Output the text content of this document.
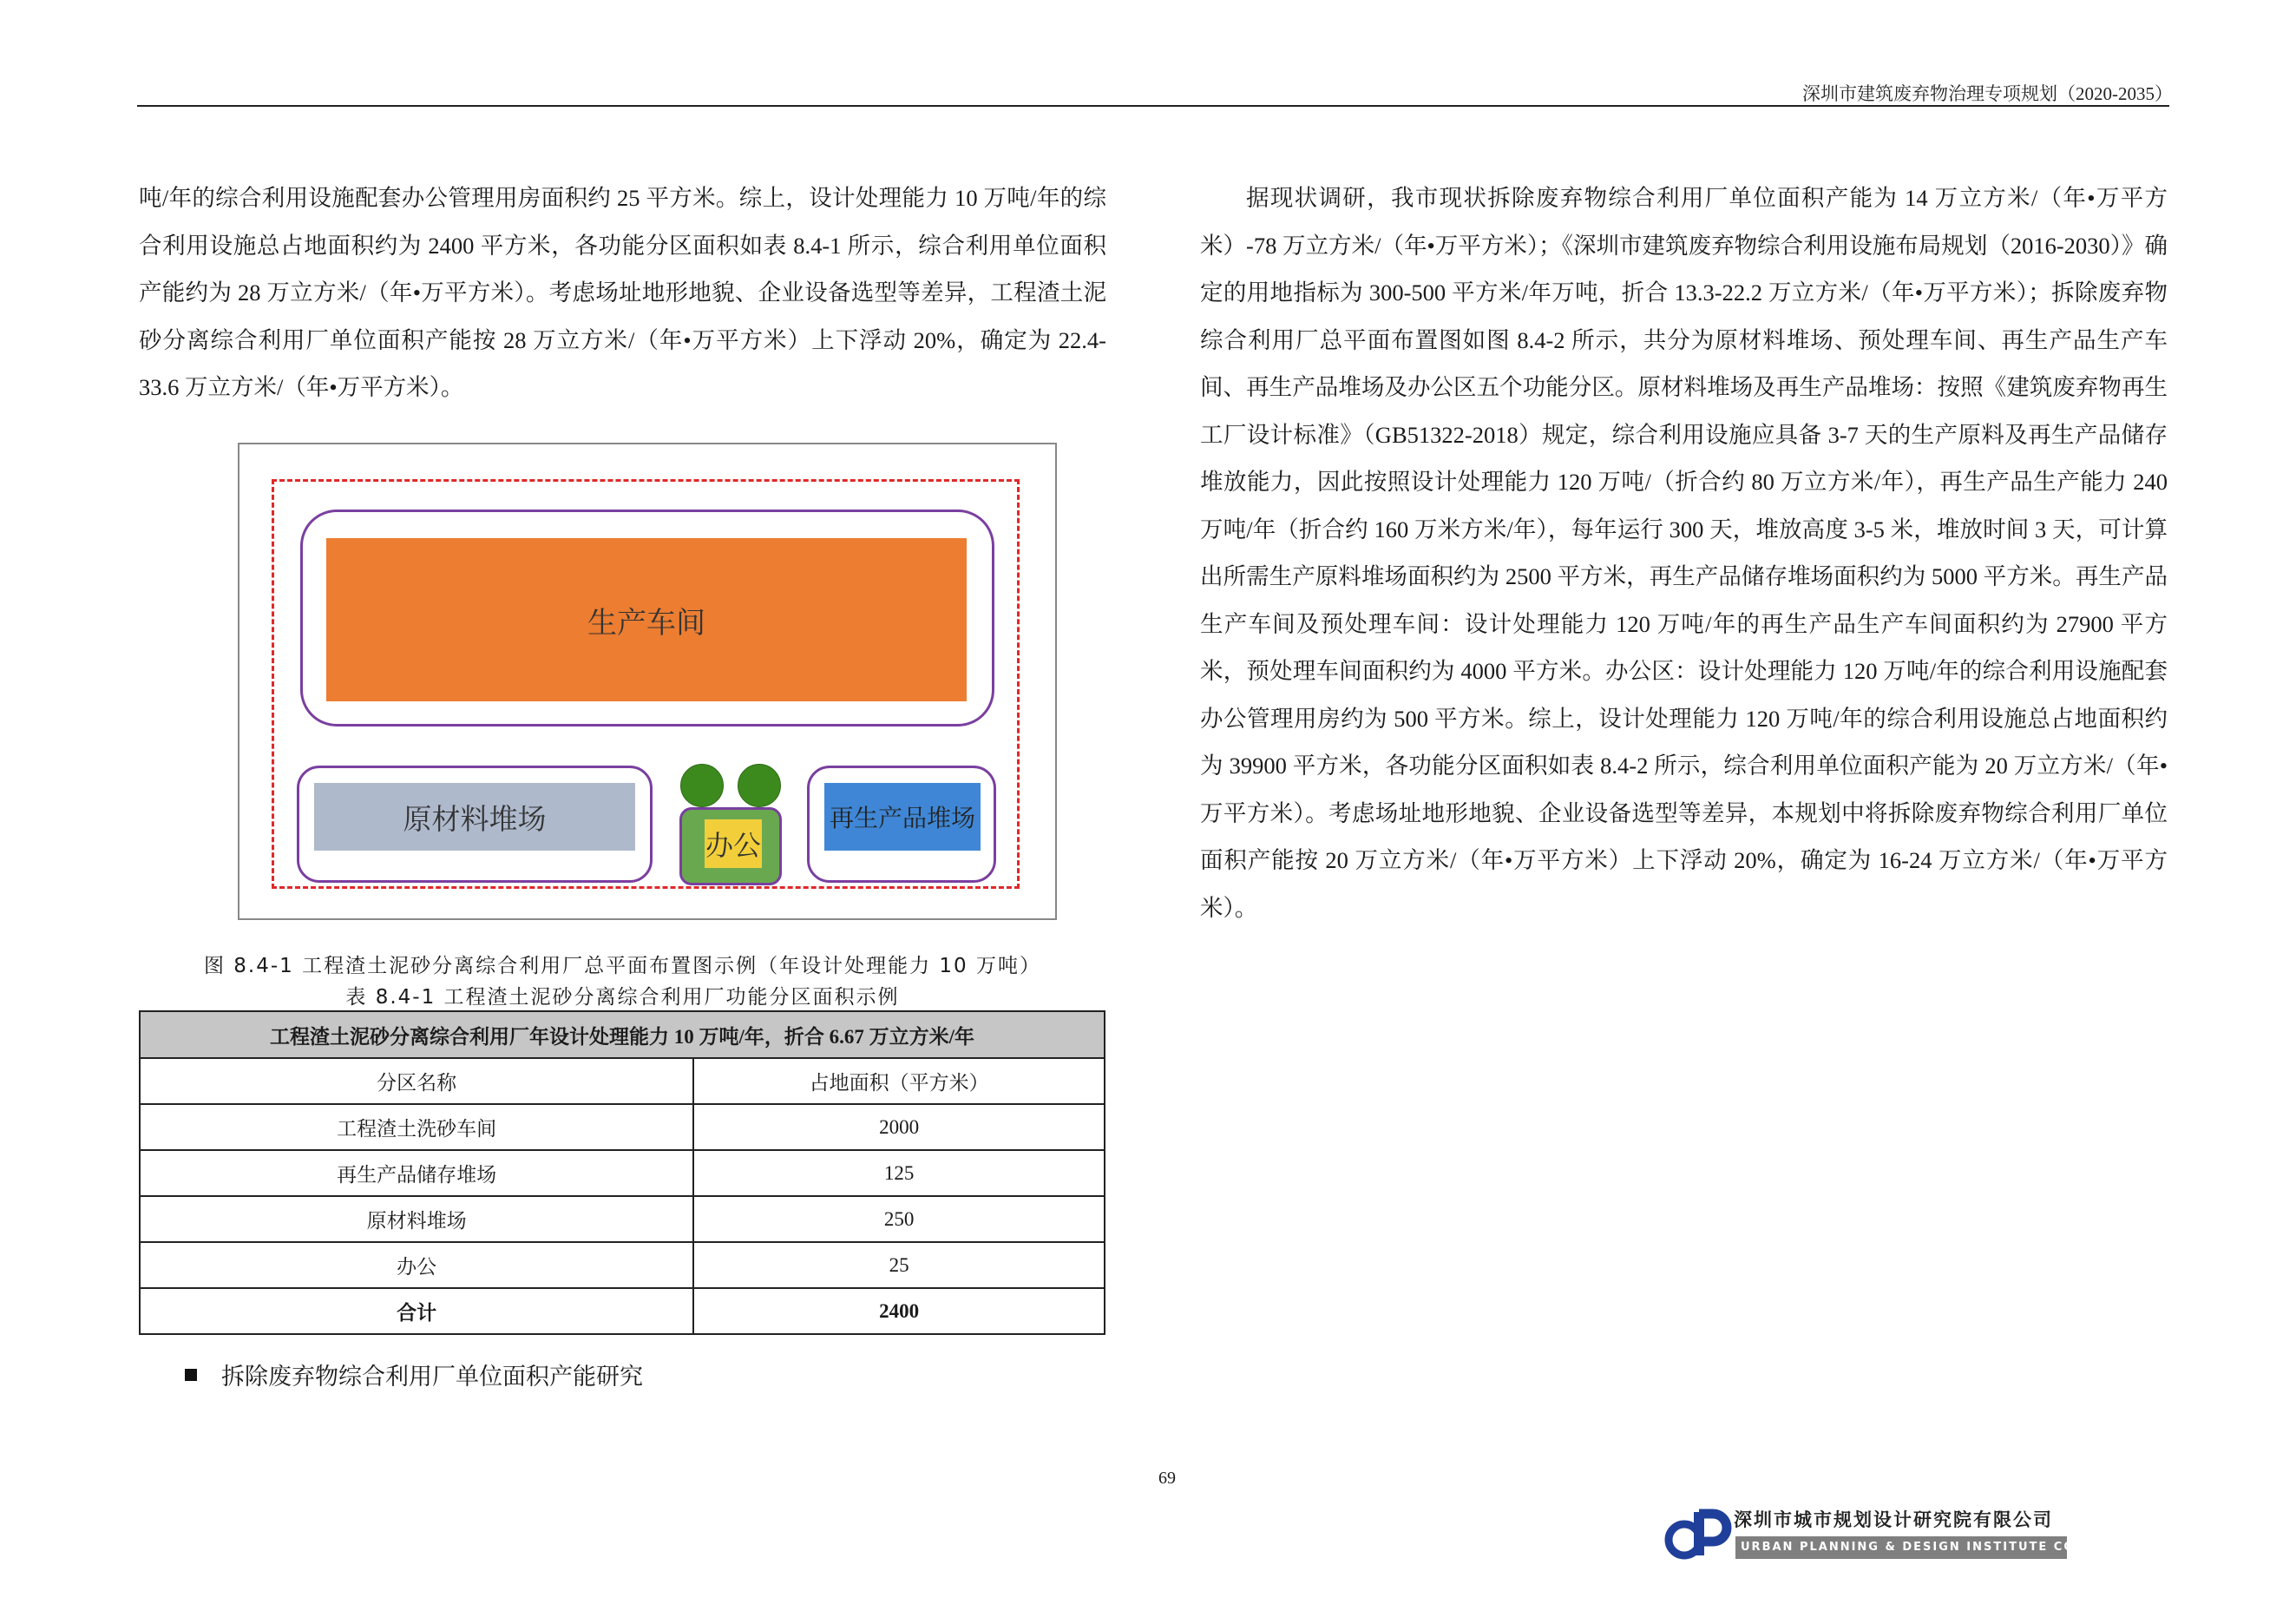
深圳市建筑废弃物治理专项规划（2020-2035）

吨/年的综合利用设施配套办公管理用房面积约 25 平方米。综上，设计处理能力 10 万吨/年的综合利用设施总占地面积约为 2400 平方米，各功能分区面积如表 8.4-1 所示，综合利用单位面积产能约为 28 万立方米/（年•万平方米）。考虑场址地形地貌、企业设备选型等差异，工程渣土泥砂分离综合利用厂单位面积产能按 28 万立方米/（年•万平方米）上下浮动 20%，确定为 22.4-33.6 万立方米/（年•万平方米）。

据现状调研，我市现状拆除废弃物综合利用厂单位面积产能为 14 万立方米/（年•万平方米）-78 万立方米/（年•万平方米）；《深圳市建筑废弃物综合利用设施布局规划（2016-2030）》确定的用地指标为 300-500 平方米/年万吨，折合 13.3-22.2 万立方米/（年•万平方米）；拆除废弃物综合利用厂总平面布置图如图 8.4-2 所示，共分为原材料堆场、预处理车间、再生产品生产车间、再生产品堆场及办公区五个功能分区。原材料堆场及再生产品堆场：按照《建筑废弃物再生工厂设计标准》（GB51322-2018）规定，综合利用设施应具备 3-7 天的生产原料及再生产品储存堆放能力，因此按照设计处理能力 120 万吨/（折合约 80 万立方米/年），再生产品生产能力 240 万吨/年（折合约 160 万米方米/年），每年运行 300 天，堆放高度 3-5 米，堆放时间 3 天，可计算出所需生产原料堆场面积约为 2500 平方米，再生产品储存堆场面积约为 5000 平方米。再生产品生产车间及预处理车间：设计处理能力 120 万吨/年的再生产品生产车间面积约为 27900 平方米，预处理车间面积约为 4000 平方米。办公区：设计处理能力 120 万吨/年的综合利用设施配套办公管理用房约为 500 平方米。综上，设计处理能力 120 万吨/年的综合利用设施总占地面积约为 39900 平方米，各功能分区面积如表 8.4-2 所示，综合利用单位面积产能为 20 万立方米/（年•万平方米）。考虑场址地形地貌、企业设备选型等差异，本规划中将拆除废弃物综合利用厂单位面积产能按 20 万立方米/（年•万平方米）上下浮动 20%，确定为 16-24 万立方米/（年•万平方米）。

生产车间
原材料堆场	再生产品堆场
办公
图 8.4-1 工程渣土泥砂分离综合利用厂总平面布置图示例（年设计处理能力 10 万吨）
表 8.4-1 工程渣土泥砂分离综合利用厂功能分区面积示例
工程渣土泥砂分离综合利用厂年设计处理能力 10 万吨/年，折合 6.67 万立方米/年	
分区名称	占地面积（平方米）
工程渣土洗砂车间	2000
再生产品储存堆场	125
原材料堆场	250
办公	25
合计	2400
拆除废弃物综合利用厂单位面积产能研究
69
深圳市城市规划设计研究院有限公司
URBAN PLANNING & DESIGN INSTITUTE CO. OF SHENZHEN
